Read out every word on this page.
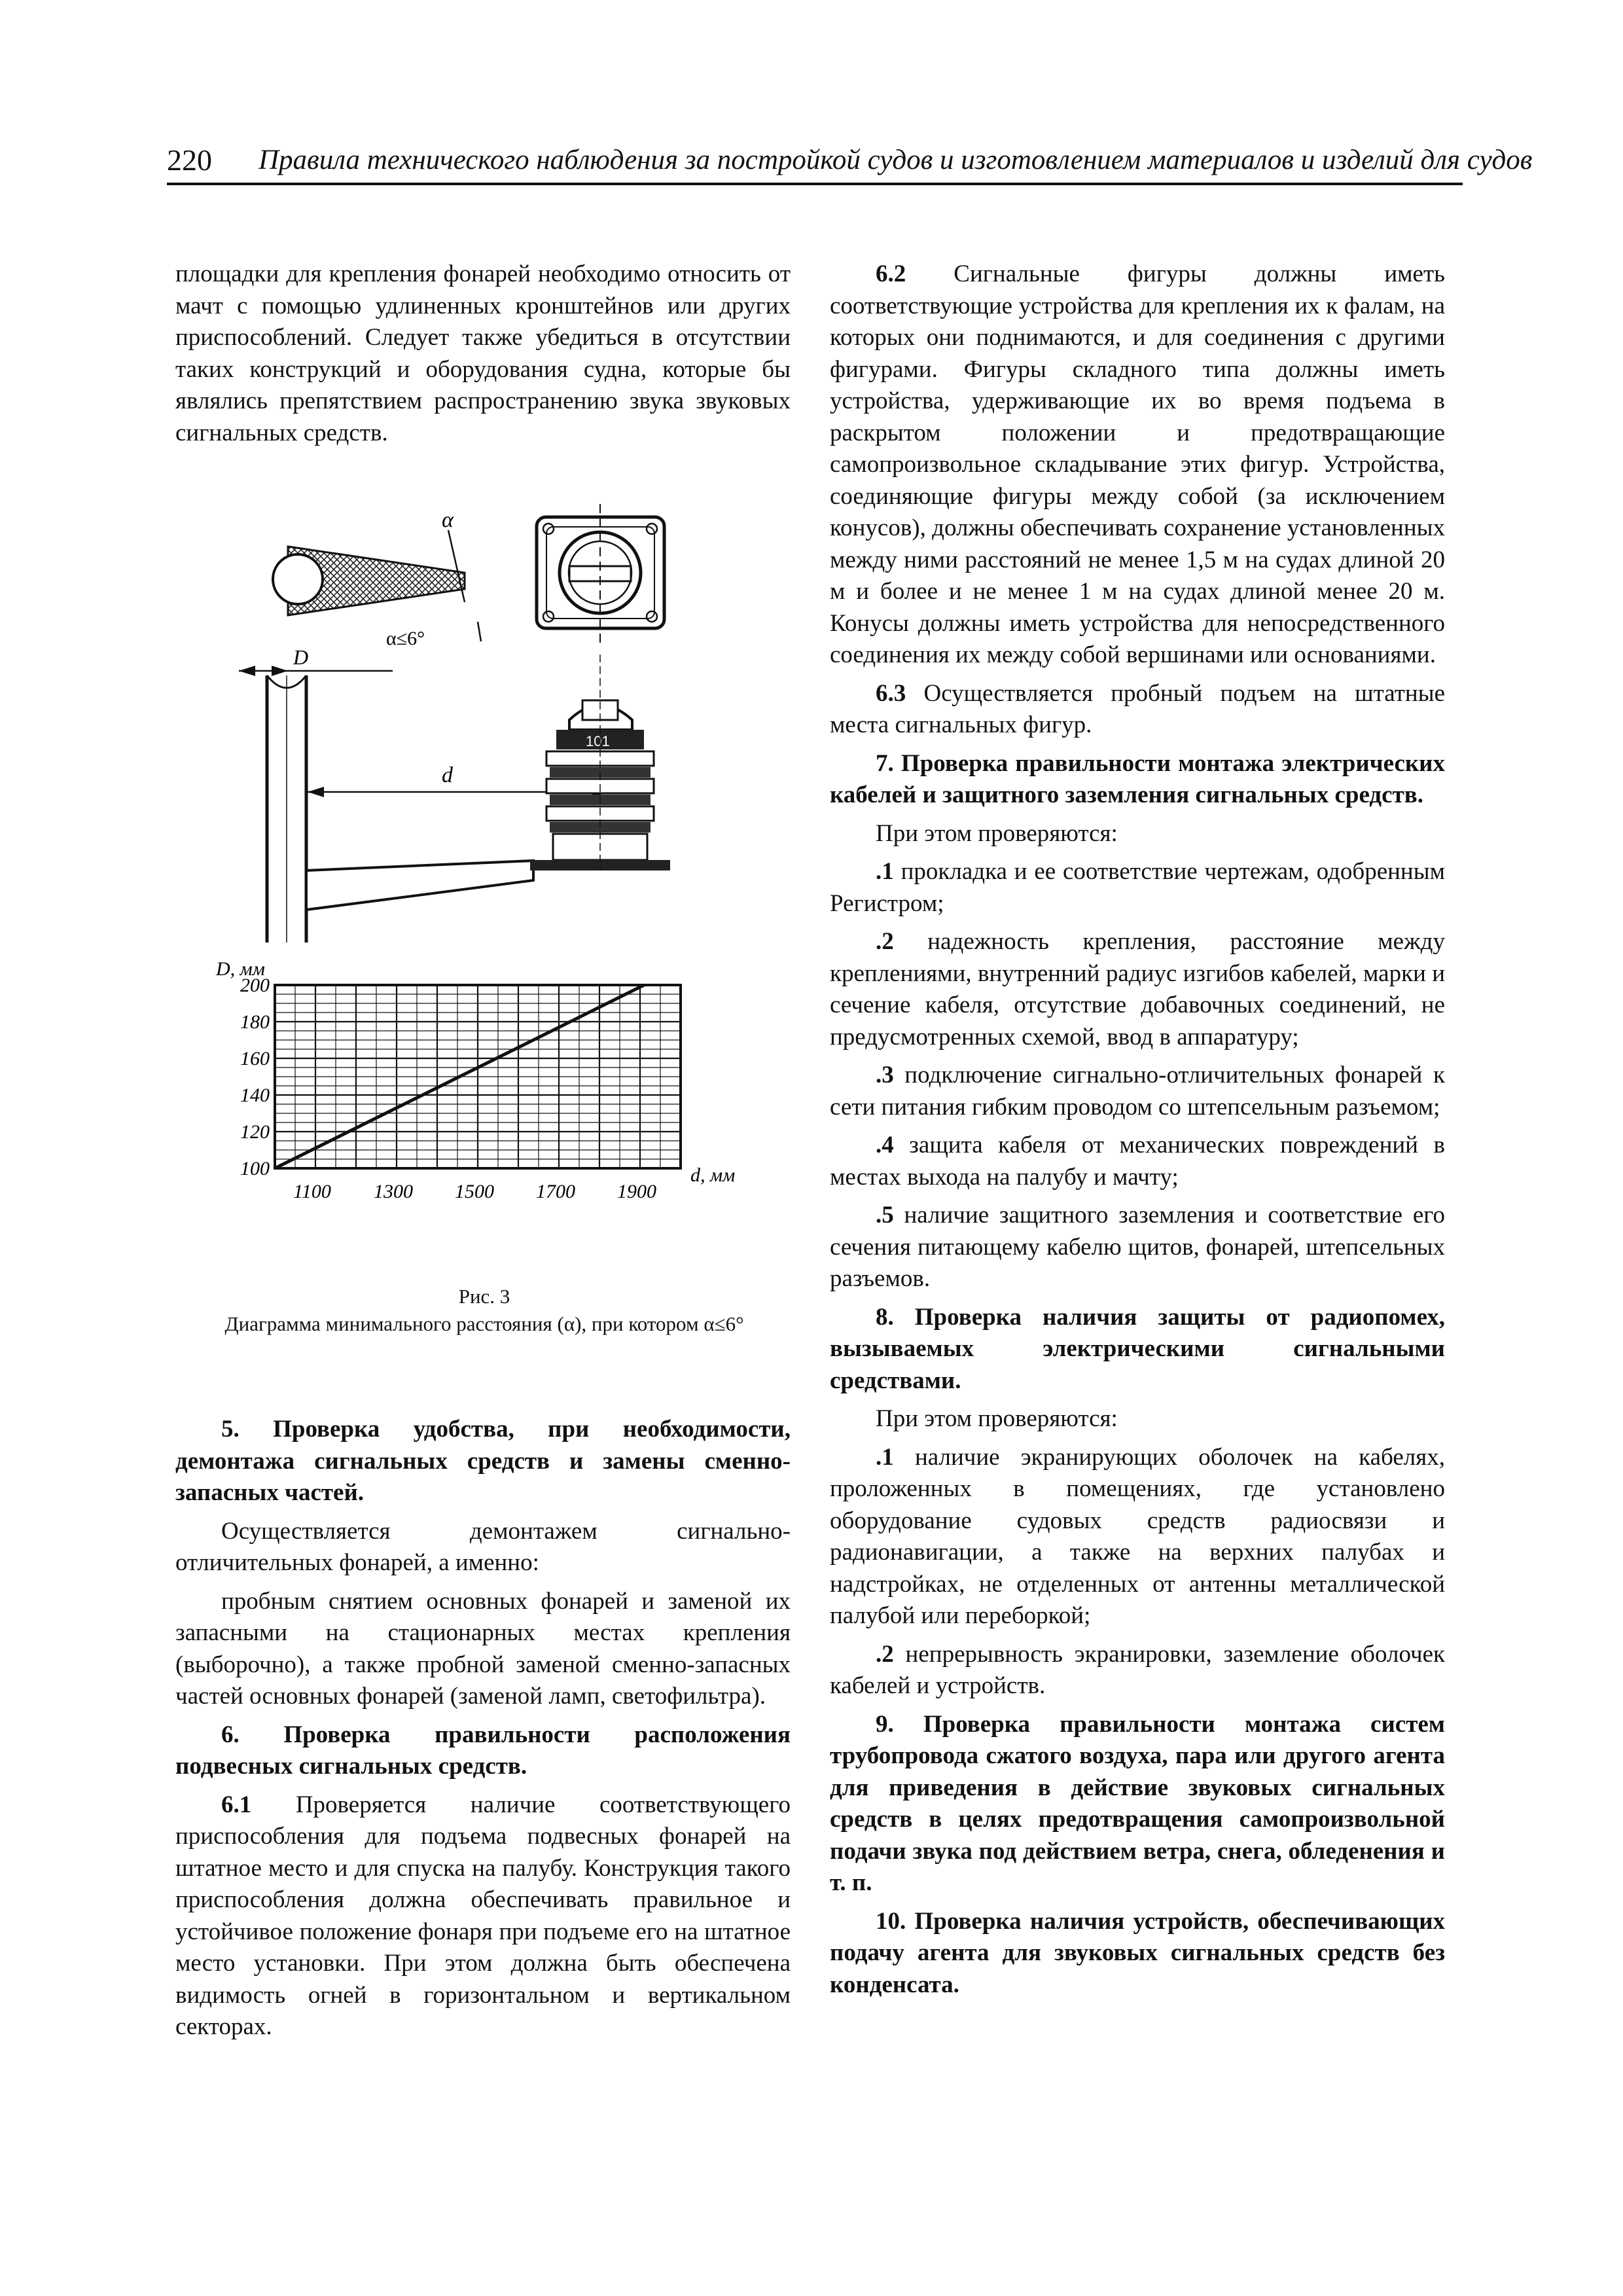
220 Правила технического наблюдения за постройкой судов и изготовлением материалов и изделий для судов

площадки для крепления фонарей необходимо относить от мачт с помощью удлиненных кронштейнов или других приспособлений. Следует также убедиться в отсутствии таких конструкций и оборудования судна, которые бы являлись препятствием распространению звука звуковых сигнальных средств.

α
α≤6°
D
d
101
D, мм
d, мм
1100 1300 1500 1700 1900
100
120
140
160
180
200
Рис. 3
Диаграмма минимального расстояния (α), при котором α≤6°

5. Проверка удобства, при необходимости, демонтажа сигнальных средств и замены сменно-запасных частей.

Осуществляется демонтажем сигнально-отличительных фонарей, а именно:

пробным снятием основных фонарей и заменой их запасными на стационарных местах крепления (выборочно), а также пробной заменой сменно-запасных частей основных фонарей (заменой ламп, светофильтра).

6. Проверка правильности расположения подвесных сигнальных средств.

6.1 Проверяется наличие соответствующего приспособления для подъема подвесных фонарей на штатное место и для спуска на палубу. Конструкция такого приспособления должна обеспечивать правильное и устойчивое положение фонаря при подъеме его на штатное место установки. При этом должна быть обеспечена видимость огней в горизонтальном и вертикальном секторах.

6.2 Сигнальные фигуры должны иметь соответствующие устройства для крепления их к фалам, на которых они поднимаются, и для соединения с другими фигурами. Фигуры складного типа должны иметь устройства, удерживающие их во время подъема в раскрытом положении и предотвращающие самопроизвольное складывание этих фигур. Устройства, соединяющие фигуры между собой (за исключением конусов), должны обеспечивать сохранение установленных между ними расстояний не менее 1,5 м на судах длиной 20 м и более и не менее 1 м на судах длиной менее 20 м. Конусы должны иметь устройства для непосредственного соединения их между собой вершинами или основаниями.

6.3 Осуществляется пробный подъем на штатные места сигнальных фигур.

7. Проверка правильности монтажа электрических кабелей и защитного заземления сигнальных средств.

При этом проверяются:

.1 прокладка и ее соответствие чертежам, одобренным Регистром;

.2 надежность крепления, расстояние между креплениями, внутренний радиус изгибов кабелей, марки и сечение кабеля, отсутствие добавочных соединений, не предусмотренных схемой, ввод в аппаратуру;

.3 подключение сигнально-отличительных фонарей к сети питания гибким проводом со штепсельным разъемом;

.4 защита кабеля от механических повреждений в местах выхода на палубу и мачту;

.5 наличие защитного заземления и соответствие его сечения питающему кабелю щитов, фонарей, штепсельных разъемов.

8. Проверка наличия защиты от радиопомех, вызываемых электрическими сигнальными средствами.

При этом проверяются:

.1 наличие экранирующих оболочек на кабелях, проложенных в помещениях, где установлено оборудование судовых средств радиосвязи и радионавигации, а также на верхних палубах и надстройках, не отделенных от антенны металлической палубой или переборкой;

.2 непрерывность экранировки, заземление оболочек кабелей и устройств.

9. Проверка правильности монтажа систем трубопровода сжатого воздуха, пара или другого агента для приведения в действие звуковых сигнальных средств в целях предотвращения самопроизвольной подачи звука под действием ветра, снега, обледенения и т. п.

10. Проверка наличия устройств, обеспечивающих подачу агента для звуковых сигнальных средств без конденсата.
